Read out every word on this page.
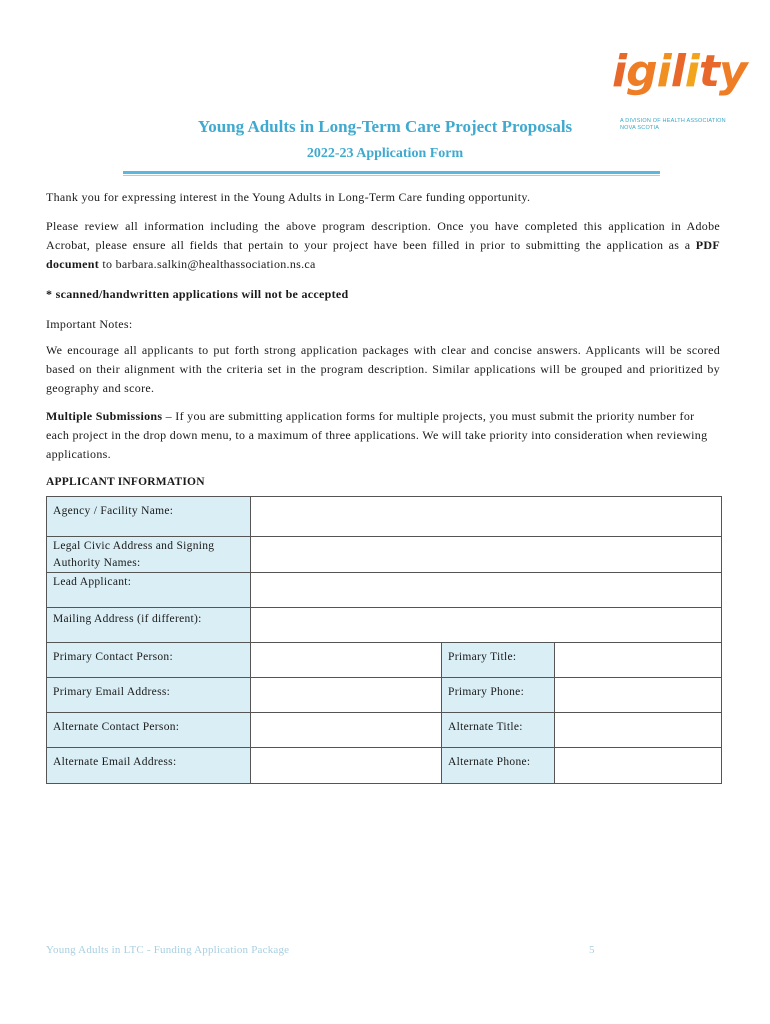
igility
A DIVISION OF HEALTH ASSOCIATION NOVA SCOTIA
Young Adults in Long-Term Care Project Proposals
2022-23 Application Form
Thank you for expressing interest in the Young Adults in Long-Term Care funding opportunity.
Please review all information including the above program description. Once you have completed this application in Adobe Acrobat, please ensure all fields that pertain to your project have been filled in prior to submitting the application as a PDF document to barbara.salkin@healthassociation.ns.ca
* scanned/handwritten applications will not be accepted
Important Notes:
We encourage all applicants to put forth strong application packages with clear and concise answers. Applicants will be scored based on their alignment with the criteria set in the program description. Similar applications will be grouped and prioritized by geography and score.
Multiple Submissions – If you are submitting application forms for multiple projects, you must submit the priority number for each project in the drop down menu, to a maximum of three applications. We will take priority into consideration when reviewing applications.
APPLICANT INFORMATION
Agency / Facility Name:			
Legal Civic Address and Signing Authority Names:			
Lead Applicant:			
Mailing Address (if different):			
Primary Contact Person:		Primary Title:	
Primary Email Address:		Primary Phone:	
Alternate Contact Person:		Alternate Title:	
Alternate Email Address:		Alternate Phone:	
Young Adults in LTC - Funding Application Package	5
